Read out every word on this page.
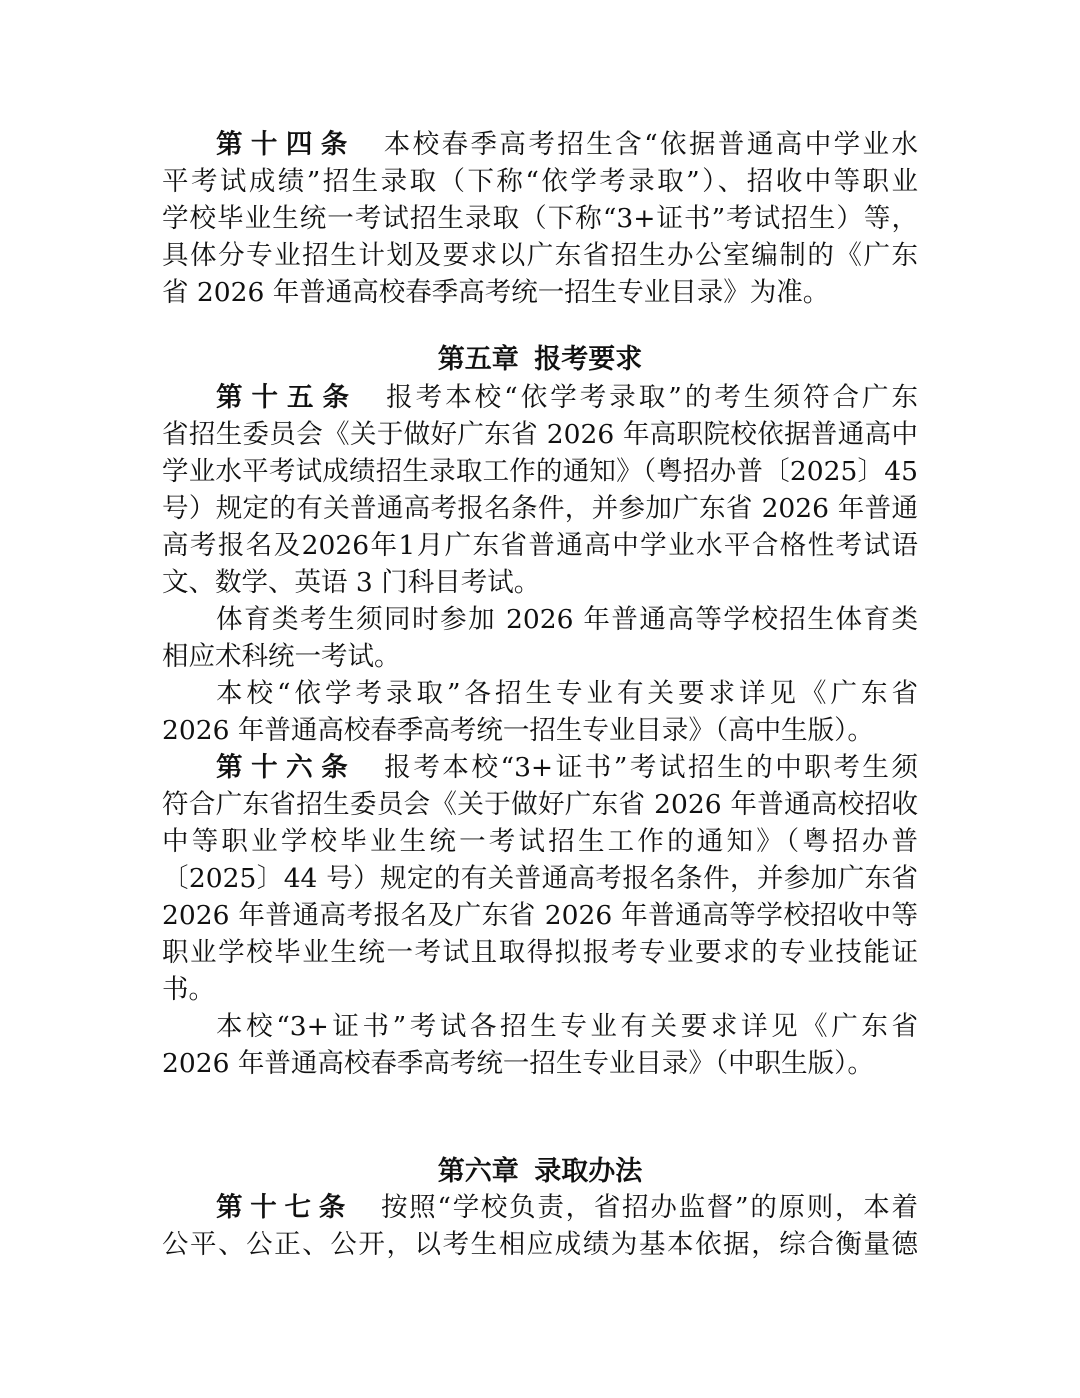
第十四条 本校春季高考招生含“依据普通高中学业水
平考试成绩”招生录取（下称“依学考录取”）、招收中等职业
学校毕业生统一考试招生录取（下称“3+证书”考试招生）等，
具体分专业招生计划及要求以广东省招生办公室编制的《广东
省 2026 年普通高校春季高考统一招生专业目录》为准。
第五章 报考要求
第十五条 报考本校“依学考录取”的考生须符合广东
省招生委员会《关于做好广东省 2026 年高职院校依据普通高中
学业水平考试成绩招生录取工作的通知》（粤招办普〔2025〕45
号）规定的有关普通高考报名条件，并参加广东省 2026 年普通
高考报名及2026年1月广东省普通高中学业水平合格性考试语
文、数学、英语 3 门科目考试。
体育类考生须同时参加 2026 年普通高等学校招生体育类
相应术科统一考试。
本校“依学考录取”各招生专业有关要求详见《广东省
2026 年普通高校春季高考统一招生专业目录》（高中生版）。
第十六条 报考本校“3+证书”考试招生的中职考生须
符合广东省招生委员会《关于做好广东省 2026 年普通高校招收
中等职业学校毕业生统一考试招生工作的通知》（粤招办普
〔2025〕44 号）规定的有关普通高考报名条件，并参加广东省
2026 年普通高考报名及广东省 2026 年普通高等学校招收中等
职业学校毕业生统一考试且取得拟报考专业要求的专业技能证
书。
本校“3+证书”考试各招生专业有关要求详见《广东省
2026 年普通高校春季高考统一招生专业目录》（中职生版）。
第六章 录取办法
第十七条 按照“学校负责，省招办监督”的原则，本着
公平、公正、公开，以考生相应成绩为基本依据，综合衡量德
